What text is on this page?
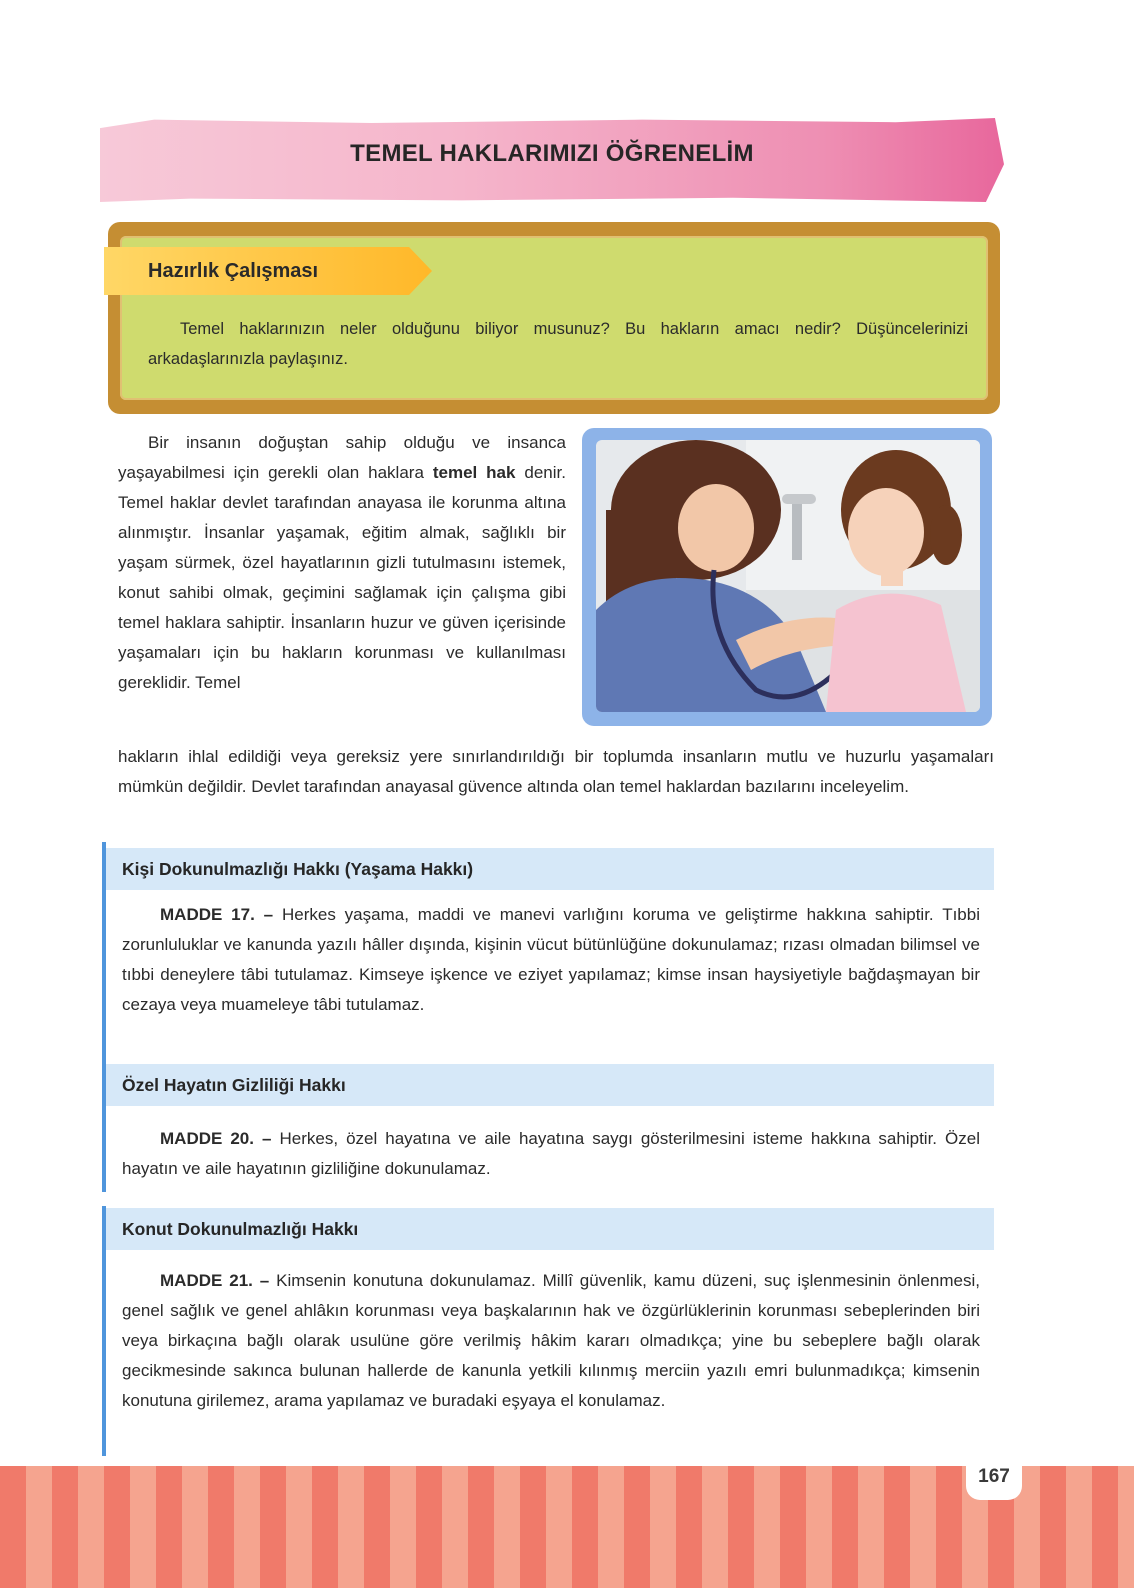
TEMEL HAKLARIMIZI ÖĞRENELİM
Hazırlık Çalışması
Temel haklarınızın neler olduğunu biliyor musunuz? Bu hakların amacı nedir? Düşüncelerinizi arkadaşlarınızla paylaşınız.
Bir insanın doğuştan sahip olduğu ve insanca yaşayabilmesi için gerekli olan haklara temel hak denir. Temel haklar devlet tarafından anayasa ile korunma altına alınmıştır. İnsanlar yaşamak, eğitim almak, sağlıklı bir yaşam sürmek, özel hayatlarının gizli tutulmasını istemek, konut sahibi olmak, geçimini sağlamak için çalışma gibi temel haklara sahiptir. İnsanların huzur ve güven içerisinde yaşamaları için bu hakların korunması ve kullanılması gereklidir. Temel
hakların ihlal edildiği veya gereksiz yere sınırlandırıldığı bir toplumda insanların mutlu ve huzurlu yaşamaları mümkün değildir. Devlet tarafından anayasal güvence altında olan temel haklardan bazılarını inceleyelim.
Kişi Dokunulmazlığı Hakkı (Yaşama Hakkı)
MADDE 17. – Herkes yaşama, maddi ve manevi varlığını koruma ve geliştirme hakkına sahiptir. Tıbbi zorunluluklar ve kanunda yazılı hâller dışında, kişinin vücut bütünlüğüne dokunulamaz; rızası olmadan bilimsel ve tıbbi deneylere tâbi tutulamaz. Kimseye işkence ve eziyet yapılamaz; kimse insan haysiyetiyle bağdaşmayan bir cezaya veya muameleye tâbi tutulamaz.
Özel Hayatın Gizliliği Hakkı
MADDE 20. – Herkes, özel hayatına ve aile hayatına saygı gösterilmesini isteme hakkına sahiptir. Özel hayatın ve aile hayatının gizliliğine dokunulamaz.
Konut Dokunulmazlığı Hakkı
MADDE 21. – Kimsenin konutuna dokunulamaz. Millî güvenlik, kamu düzeni, suç işlenmesinin önlenmesi, genel sağlık ve genel ahlâkın korunması veya başkalarının hak ve özgürlüklerinin korunması sebeplerinden biri veya birkaçına bağlı olarak usulüne göre verilmiş hâkim kararı olmadıkça; yine bu sebeplere bağlı olarak gecikmesinde sakınca bulunan hallerde de kanunla yetkili kılınmış merciin yazılı emri bulunmadıkça; kimsenin konutuna girilemez, arama yapılamaz ve buradaki eşyaya el konulamaz.
167
